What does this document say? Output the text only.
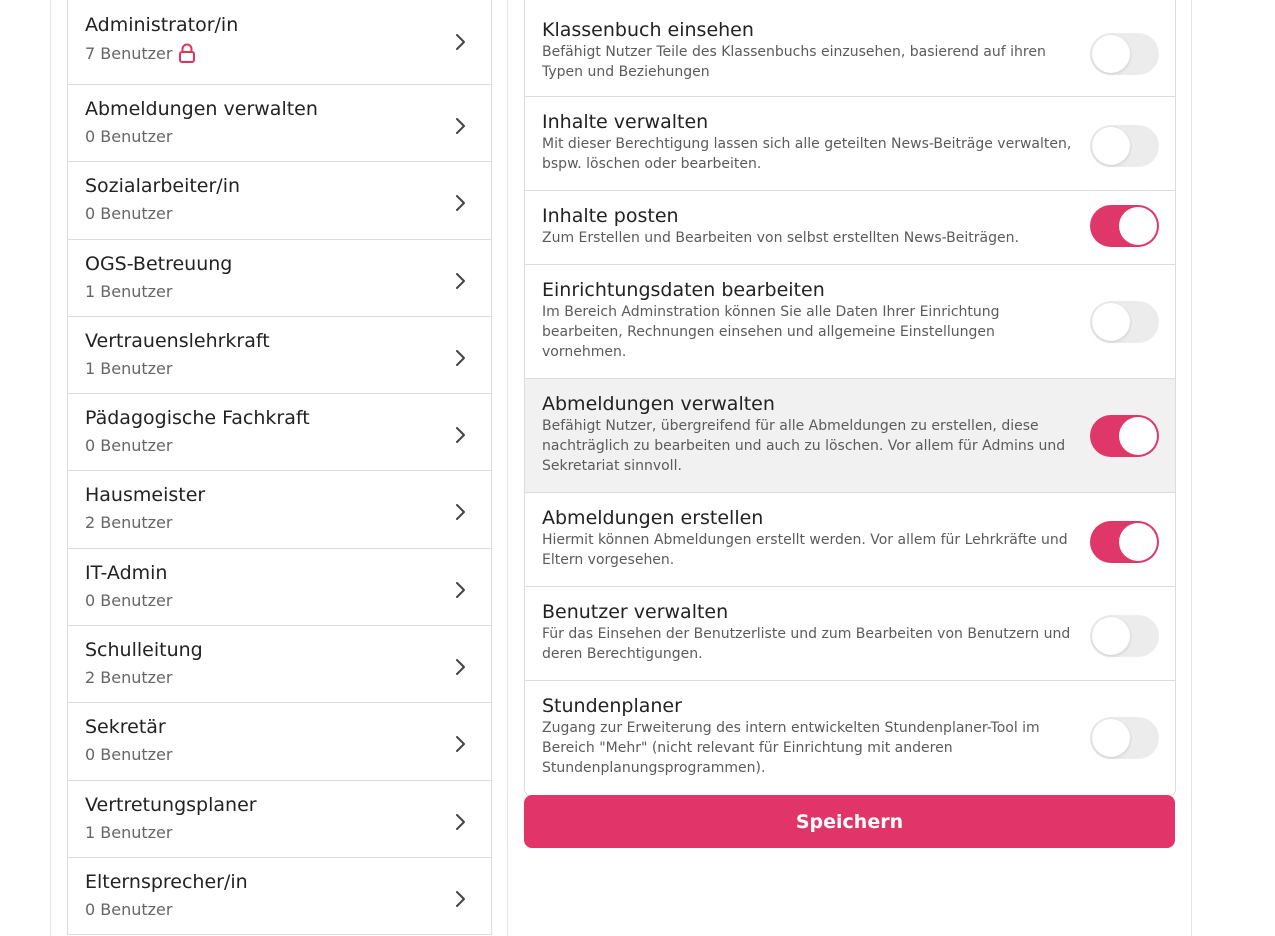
Administrator/in
7 Benutzer
Abmeldungen verwalten
0 Benutzer
Sozialarbeiter/in
0 Benutzer
OGS-Betreuung
1 Benutzer
Vertrauenslehrkraft
1 Benutzer
Pädagogische Fachkraft
0 Benutzer
Hausmeister
2 Benutzer
IT-Admin
0 Benutzer
Schulleitung
2 Benutzer
Sekretär
0 Benutzer
Vertretungsplaner
1 Benutzer
Elternsprecher/in
0 Benutzer
Klassenbuch einsehen
Befähigt Nutzer Teile des Klassenbuchs einzusehen, basierend auf ihren Typen und Beziehungen
Inhalte verwalten
Mit dieser Berechtigung lassen sich alle geteilten News-Beiträge verwalten, bspw. löschen oder bearbeiten.
Inhalte posten
Zum Erstellen und Bearbeiten von selbst erstellten News-Beiträgen.
Einrichtungsdaten bearbeiten
Im Bereich Adminstration können Sie alle Daten Ihrer Einrichtung bearbeiten, Rechnungen einsehen und allgemeine Einstellungen vornehmen.
Abmeldungen verwalten
Befähigt Nutzer, übergreifend für alle Abmeldungen zu erstellen, diese nachträglich zu bearbeiten und auch zu löschen. Vor allem für Admins und Sekretariat sinnvoll.
Abmeldungen erstellen
Hiermit können Abmeldungen erstellt werden. Vor allem für Lehrkräfte und Eltern vorgesehen.
Benutzer verwalten
Für das Einsehen der Benutzerliste und zum Bearbeiten von Benutzern und deren Berechtigungen.
Stundenplaner
Zugang zur Erweiterung des intern entwickelten Stundenplaner-Tool im Bereich "Mehr" (nicht relevant für Einrichtung mit anderen Stundenplanungsprogrammen).
Speichern
